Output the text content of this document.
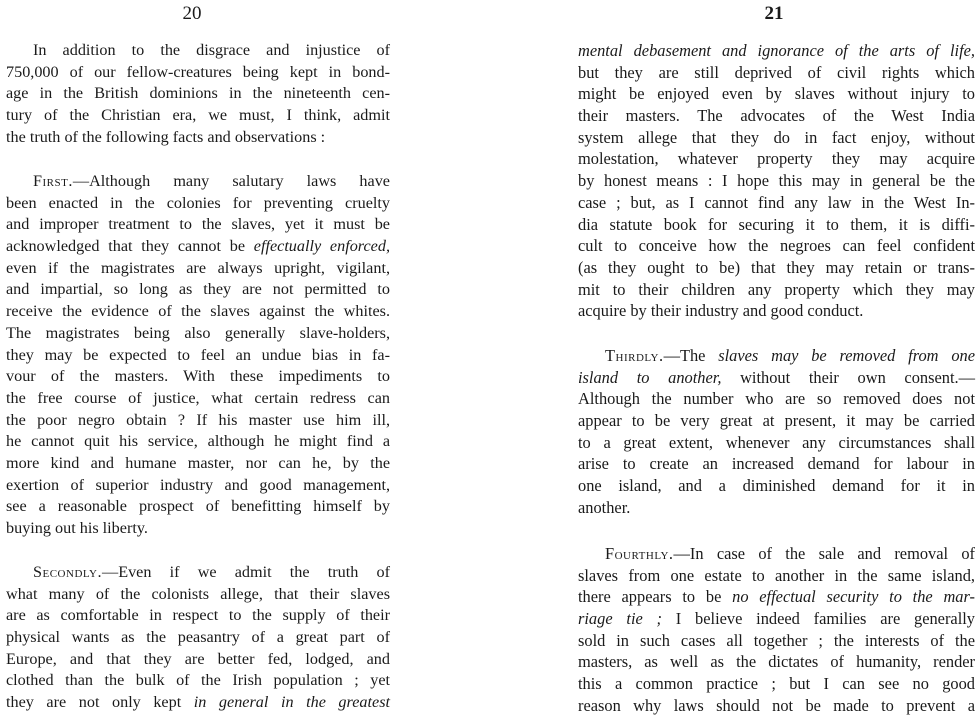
20
In addition to the disgrace and injustice of
750,000 of our fellow-creatures being kept in bond-
age in the British dominions in the nineteenth cen-
tury of the Christian era, we must, I think, admit
the truth of the following facts and observations :
First.—Although many salutary laws have
been enacted in the colonies for preventing cruelty
and improper treatment to the slaves, yet it must be
acknowledged that they cannot be effectually enforced,
even if the magistrates are always upright, vigilant,
and impartial, so long as they are not permitted to
receive the evidence of the slaves against the whites.
The magistrates being also generally slave-holders,
they may be expected to feel an undue bias in fa-
vour of the masters. With these impediments to
the free course of justice, what certain redress can
the poor negro obtain ? If his master use him ill,
he cannot quit his service, although he might find a
more kind and humane master, nor can he, by the
exertion of superior industry and good management,
see a reasonable prospect of benefitting himself by
buying out his liberty.
Secondly.—Even if we admit the truth of
what many of the colonists allege, that their slaves
are as comfortable in respect to the supply of their
physical wants as the peasantry of a great part of
Europe, and that they are better fed, lodged, and
clothed than the bulk of the Irish population ; yet
they are not only kept in general in the greatest
21
mental debasement and ignorance of the arts of life,
but they are still deprived of civil rights which
might be enjoyed even by slaves without injury to
their masters. The advocates of the West India
system allege that they do in fact enjoy, without
molestation, whatever property they may acquire
by honest means : I hope this may in general be the
case ; but, as I cannot find any law in the West In-
dia statute book for securing it to them, it is diffi-
cult to conceive how the negroes can feel confident
(as they ought to be) that they may retain or trans-
mit to their children any property which they may
acquire by their industry and good conduct.
Thirdly.—The slaves may be removed from one
island to another, without their own consent.—
Although the number who are so removed does not
appear to be very great at present, it may be carried
to a great extent, whenever any circumstances shall
arise to create an increased demand for labour in
one island, and a diminished demand for it in
another.
Fourthly.—In case of the sale and removal of
slaves from one estate to another in the same island,
there appears to be no effectual security to the mar-
riage tie ; I believe indeed families are generally
sold in such cases all together ; the interests of the
masters, as well as the dictates of humanity, render
this a common practice ; but I can see no good
reason why laws should not be made to prevent a
